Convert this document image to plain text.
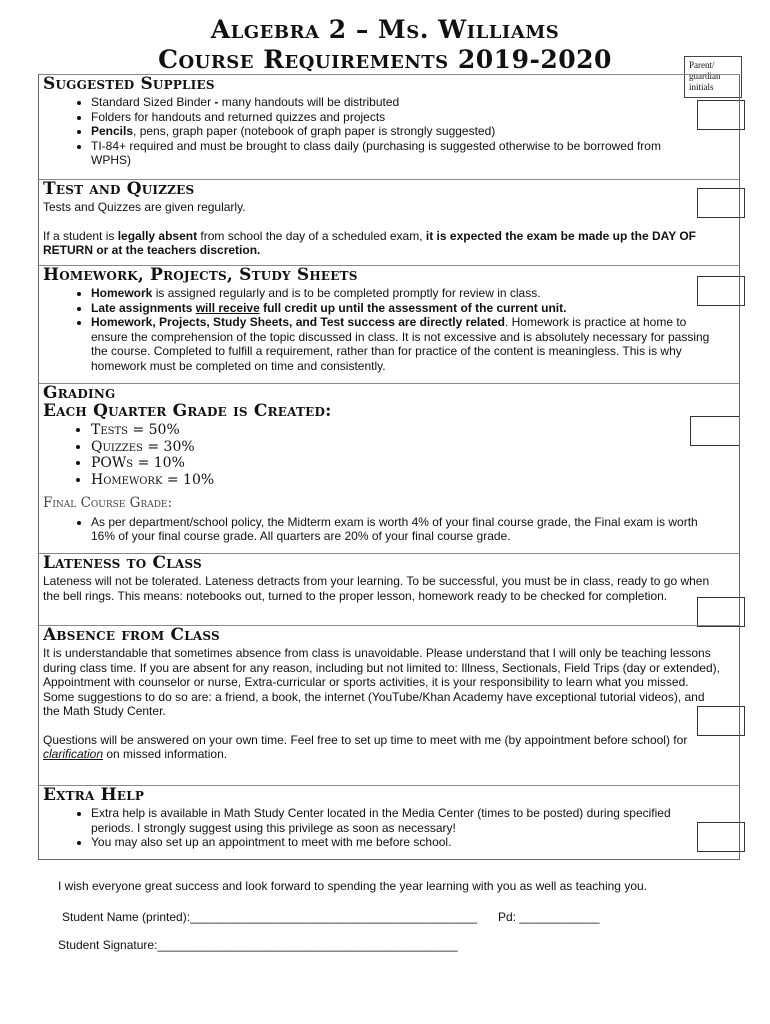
Algebra 2 – Ms. Williams
Course Requirements 2019-2020	Parent/ guardian initials
Suggested Supplies
• Standard Sized Binder - many handouts will be distributed
• Folders for handouts and returned quizzes and projects
• Pencils, pens, graph paper (notebook of graph paper is strongly suggested)
• TI-84+ required and must be brought to class daily (purchasing is suggested otherwise to be borrowed from WPHS)
Test and Quizzes

Tests and Quizzes are given regularly.

If a student is legally absent from school the day of a scheduled exam, it is expected the exam be made up the DAY OF RETURN or at the teachers discretion.

Homework, Projects, Study Sheets
• Homework is assigned regularly and is to be completed promptly for review in class.
• Late assignments will receive full credit up until the assessment of the current unit.
• Homework, Projects, Study Sheets, and Test success are directly related. Homework is practice at home to ensure the comprehension of the topic discussed in class. It is not excessive and is absolutely necessary for passing the course. Completed to fulfill a requirement, rather than for practice of the content is meaningless. This is why homework must be completed on time and consistently.
Grading
Each Quarter Grade is Created:
• Tests = 50%
• Quizzes = 30%
• POWs = 10%
• Homework = 10%

Final Course Grade:

• As per department/school policy, the Midterm exam is worth 4% of your final course grade, the Final exam is worth 16% of your final course grade. All quarters are 20% of your final course grade.
Lateness to Class

Lateness will not be tolerated. Lateness detracts from your learning. To be successful, you must be in class, ready to go when the bell rings. This means: notebooks out, turned to the proper lesson, homework ready to be checked for completion.

Absence from Class

It is understandable that sometimes absence from class is unavoidable. Please understand that I will only be teaching lessons during class time. If you are absent for any reason, including but not limited to: Illness, Sectionals, Field Trips (day or extended), Appointment with counselor or nurse, Extra-curricular or sports activities, it is your responsibility to learn what you missed. Some suggestions to do so are: a friend, a book, the internet (YouTube/Khan Academy have exceptional tutorial videos), and the Math Study Center.

Questions will be answered on your own time. Feel free to set up time to meet with me (by appointment before school) for clarification on missed information.

Extra Help
• Extra help is available in Math Study Center located in the Media Center (times to be posted) during specified periods. I strongly suggest using this privilege as soon as necessary!
• You may also set up an appointment to meet with me before school.

I wish everyone great success and look forward to spending the year learning with you as well as teaching you.

Student Name (printed):___________________________________________ Pd: ____________

Student Signature:_____________________________________________
